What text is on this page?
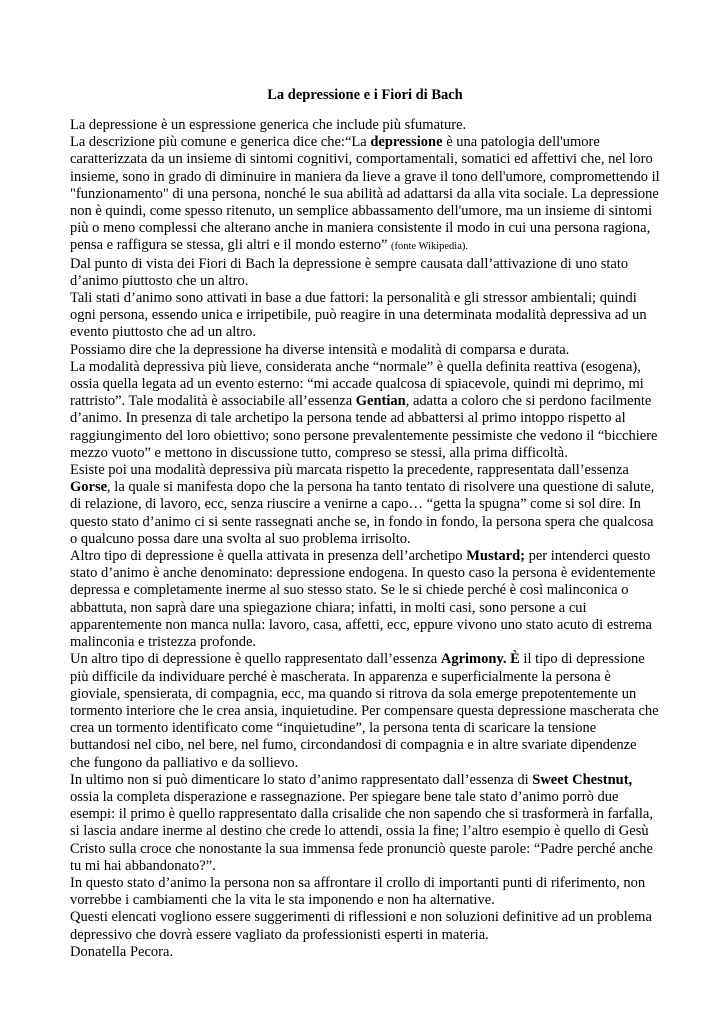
La depressione e i Fiori di Bach

La depressione è un espressione generica che include più sfumature.

La descrizione più comune e generica dice che:“La depressione è una patologia dell'umore caratterizzata da un insieme di sintomi cognitivi, comportamentali, somatici ed affettivi che, nel loro insieme, sono in grado di diminuire in maniera da lieve a grave il tono dell'umore, compromettendo il "funzionamento" di una persona, nonché le sua abilità ad adattarsi da alla vita sociale. La depressione non è quindi, come spesso ritenuto, un semplice abbassamento dell'umore, ma un insieme di sintomi più o meno complessi che alterano anche in maniera consistente il modo in cui una persona ragiona, pensa e raffigura se stessa, gli altri e il mondo esterno” (fonte Wikipedia).

Dal punto di vista dei Fiori di Bach la depressione è sempre causata dall’attivazione di uno stato d’animo piuttosto che un altro.

Tali stati d’animo sono attivati in base a due fattori: la personalità e gli stressor ambientali; quindi ogni persona, essendo unica e irripetibile, può reagire in una determinata modalità depressiva ad un evento piuttosto che ad un altro.

Possiamo dire che la depressione ha diverse intensità e modalità di comparsa e durata.

La modalità depressiva più lieve, considerata anche “normale” è quella definita reattiva (esogena), ossia quella legata ad un evento esterno: “mi accade qualcosa di spiacevole, quindi mi deprimo, mi rattristo”. Tale modalità è associabile all’essenza Gentian, adatta a coloro che si perdono facilmente d’animo. In presenza di tale archetipo la persona tende ad abbattersi al primo intoppo rispetto al raggiungimento del loro obiettivo; sono persone prevalentemente pessimiste che vedono il “bicchiere mezzo vuoto” e mettono in discussione tutto, compreso se stessi, alla prima difficoltà.

Esiste poi una modalità depressiva più marcata rispetto la precedente, rappresentata dall’essenza Gorse, la quale si manifesta dopo che la persona ha tanto tentato di risolvere una questione di salute, di relazione, di lavoro, ecc, senza riuscire a venirne a capo… “getta la spugna” come si sol dire. In questo stato d’animo ci si sente rassegnati anche se, in fondo in fondo, la persona spera che qualcosa o qualcuno possa dare una svolta al suo problema irrisolto.

Altro tipo di depressione è quella attivata in presenza dell’archetipo Mustard; per intenderci questo stato d’animo è anche denominato: depressione endogena. In questo caso la persona è evidentemente depressa e completamente inerme al suo stesso stato. Se le si chiede perché è così malinconica o abbattuta, non saprà dare una spiegazione chiara; infatti, in molti casi, sono persone a cui apparentemente non manca nulla: lavoro, casa, affetti, ecc, eppure vivono uno stato acuto di estrema malinconia e tristezza profonde.

Un altro tipo di depressione è quello rappresentato dall’essenza Agrimony. È il tipo di depressione più difficile da individuare perché è mascherata. In apparenza e superficialmente la persona è gioviale, spensierata, di compagnia, ecc, ma quando si ritrova da sola emerge prepotentemente un tormento interiore che le crea ansia, inquietudine. Per compensare questa depressione mascherata che crea un tormento identificato come “inquietudine”, la persona tenta di scaricare la tensione buttandosi nel cibo, nel bere, nel fumo, circondandosi di compagnia e in altre svariate dipendenze che fungono da palliativo e da sollievo.

In ultimo non si può dimenticare lo stato d’animo rappresentato dall’essenza di Sweet Chestnut, ossia la completa disperazione e rassegnazione. Per spiegare bene tale stato d’animo porrò due esempi: il primo è quello rappresentato dalla crisalide che non sapendo che si trasformerà in farfalla, si lascia andare inerme al destino che crede lo attendi, ossia la fine; l’altro esempio è quello di Gesù Cristo sulla croce che nonostante la sua immensa fede pronunciò queste parole: “Padre perché anche tu mi hai abbandonato?”.

In questo stato d’animo la persona non sa affrontare il crollo di importanti punti di riferimento, non vorrebbe i cambiamenti che la vita le sta imponendo e non ha alternative.

Questi elencati vogliono essere suggerimenti di riflessioni e non soluzioni definitive ad un problema depressivo che dovrà essere vagliato da professionisti esperti in materia.

Donatella Pecora.
